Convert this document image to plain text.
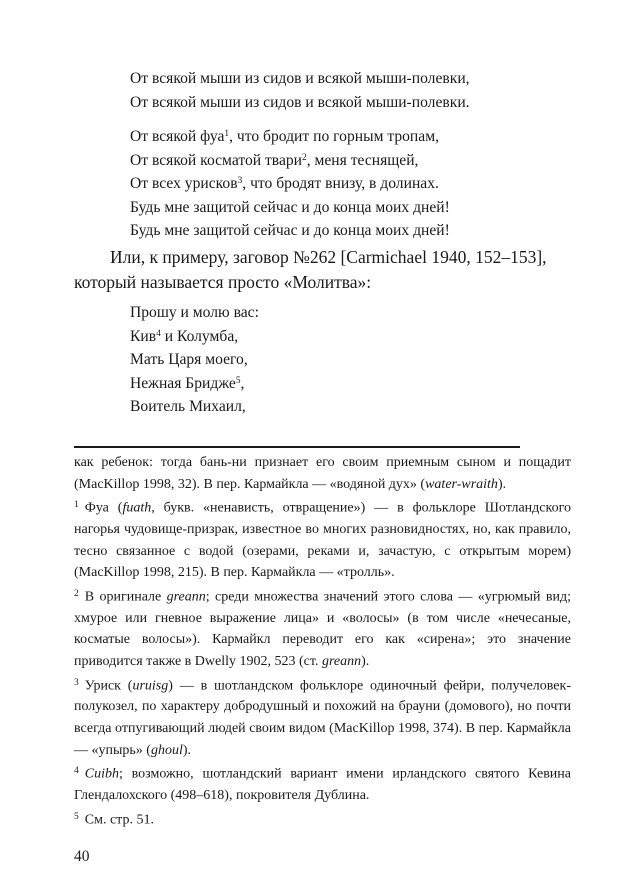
От всякой мыши из сидов и всякой мыши-полевки,
От всякой мыши из сидов и всякой мыши-полевки.
От всякой фуа$^1$, что бродит по горным тропам,
От всякой косматой твари$^2$, меня теснящей,
От всех урисков$^3$, что бродят внизу, в долинах.
Будь мне защитой сейчас и до конца моих дней!
Будь мне защитой сейчас и до конца моих дней!
Или, к примеру, заговор №262 [Carmichael 1940, 152–153],
который называется просто «Молитва»:
Прошу и молю вас:
Кив$^4$ и Колумба,
Мать Царя моего,
Нежная Бридже$^5$,
Воитель Михаил,

как ребенок: тогда бань-ни признает его своим приемным сыном и пощадит (MacKillop 1998, 32). В пер. Кармайкла — «водяной дух» (water-wraith).

$^1$ Фуа (fuath, букв. «ненависть, отвращение») — в фольклоре Шотландского нагорья чудовище-призрак, известное во многих разновидностях, но, как правило, тесно связанное с водой (озерами, реками и, зачастую, с открытым морем) (MacKillop 1998, 215). В пер. Кармайкла — «тролль».

$^2$ В оригинале greann; среди множества значений этого слова — «угрюмый вид; хмурое или гневное выражение лица» и «волосы» (в том числе «нечесаные, косматые волосы»). Кармайкл переводит его как «сирена»; это значение приводится также в Dwelly 1902, 523 (ст. greann).

$^3$ Уриск (uruisg) — в шотландском фольклоре одиночный фейри, получеловек-полукозел, по характеру добродушный и похожий на брауни (домового), но почти всегда отпугивающий людей своим видом (MacKillop 1998, 374). В пер. Кармайкла — «упырь» (ghoul).

$^4$ Cuibh; возможно, шотландский вариант имени ирландского святого Кевина Глендалохского (498–618), покровителя Дублина.

$^5$ См. стр. 51.

40
